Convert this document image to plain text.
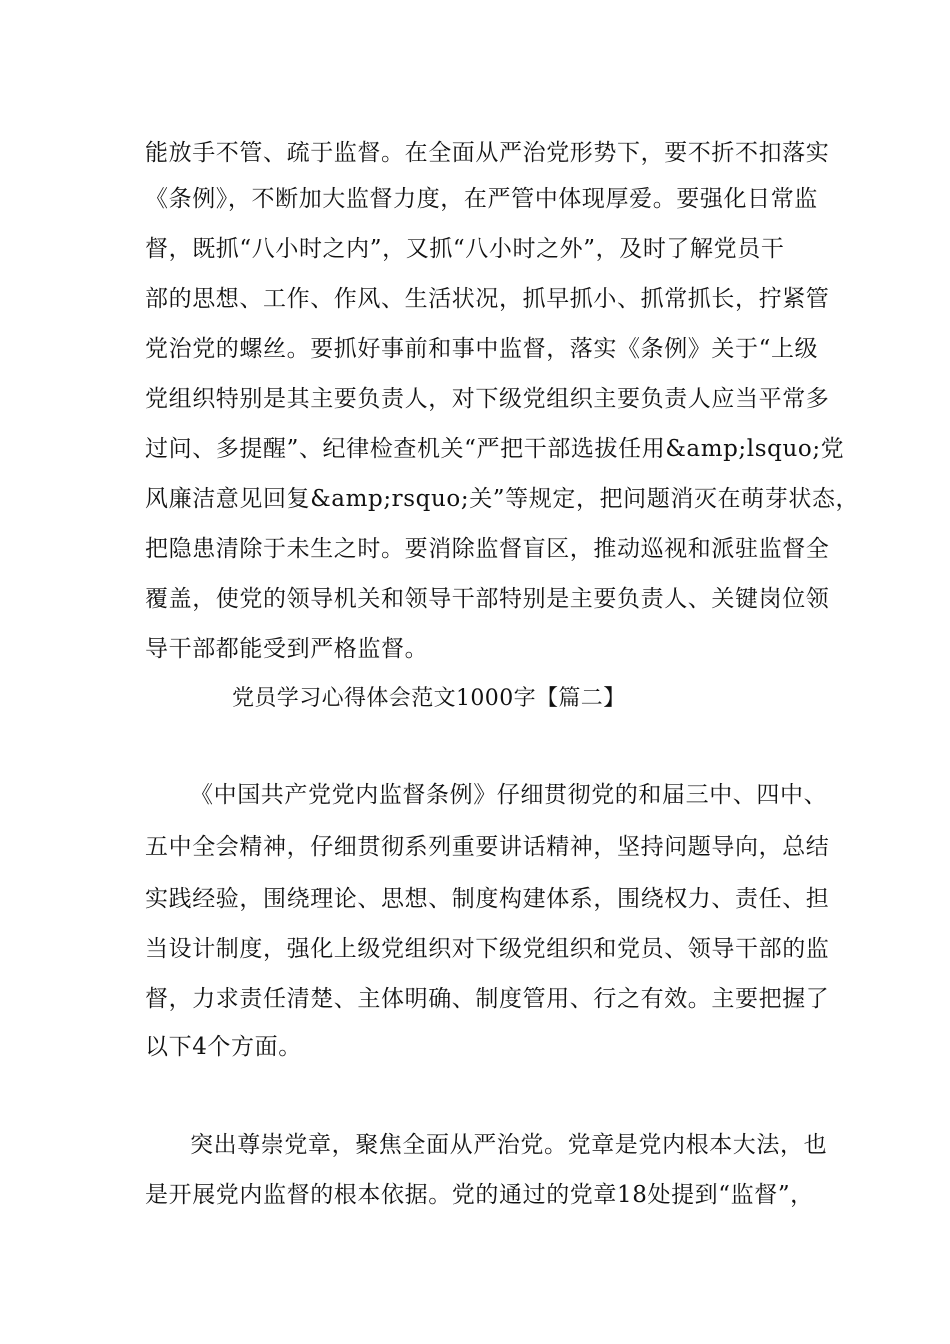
能放手不管、疏于监督。在全面从严治党形势下，要不折不扣落实
《条例》，不断加大监督力度，在严管中体现厚爱。要强化日常监
督，既抓“八小时之内”，又抓“八小时之外”，及时了解党员干
部的思想、工作、作风、生活状况，抓早抓小、抓常抓长，拧紧管
党治党的螺丝。要抓好事前和事中监督，落实《条例》关于“上级
党组织特别是其主要负责人，对下级党组织主要负责人应当平常多
过问、多提醒”、纪律检查机关“严把干部选拔任用&amp;lsquo;党
风廉洁意见回复&amp;rsquo;关”等规定，把问题消灭在萌芽状态，
把隐患清除于未生之时。要消除监督盲区，推动巡视和派驻监督全
覆盖，使党的领导机关和领导干部特别是主要负责人、关键岗位领
导干部都能受到严格监督。
党员学习心得体会范文1000字【篇二】
《中国共产党党内监督条例》仔细贯彻党的和届三中、四中、
五中全会精神，仔细贯彻系列重要讲话精神，坚持问题导向，总结
实践经验，围绕理论、思想、制度构建体系，围绕权力、责任、担
当设计制度，强化上级党组织对下级党组织和党员、领导干部的监
督，力求责任清楚、主体明确、制度管用、行之有效。主要把握了
以下4个方面。
突出尊崇党章，聚焦全面从严治党。党章是党内根本大法，也
是开展党内监督的根本依据。党的通过的党章18处提到“监督”，
